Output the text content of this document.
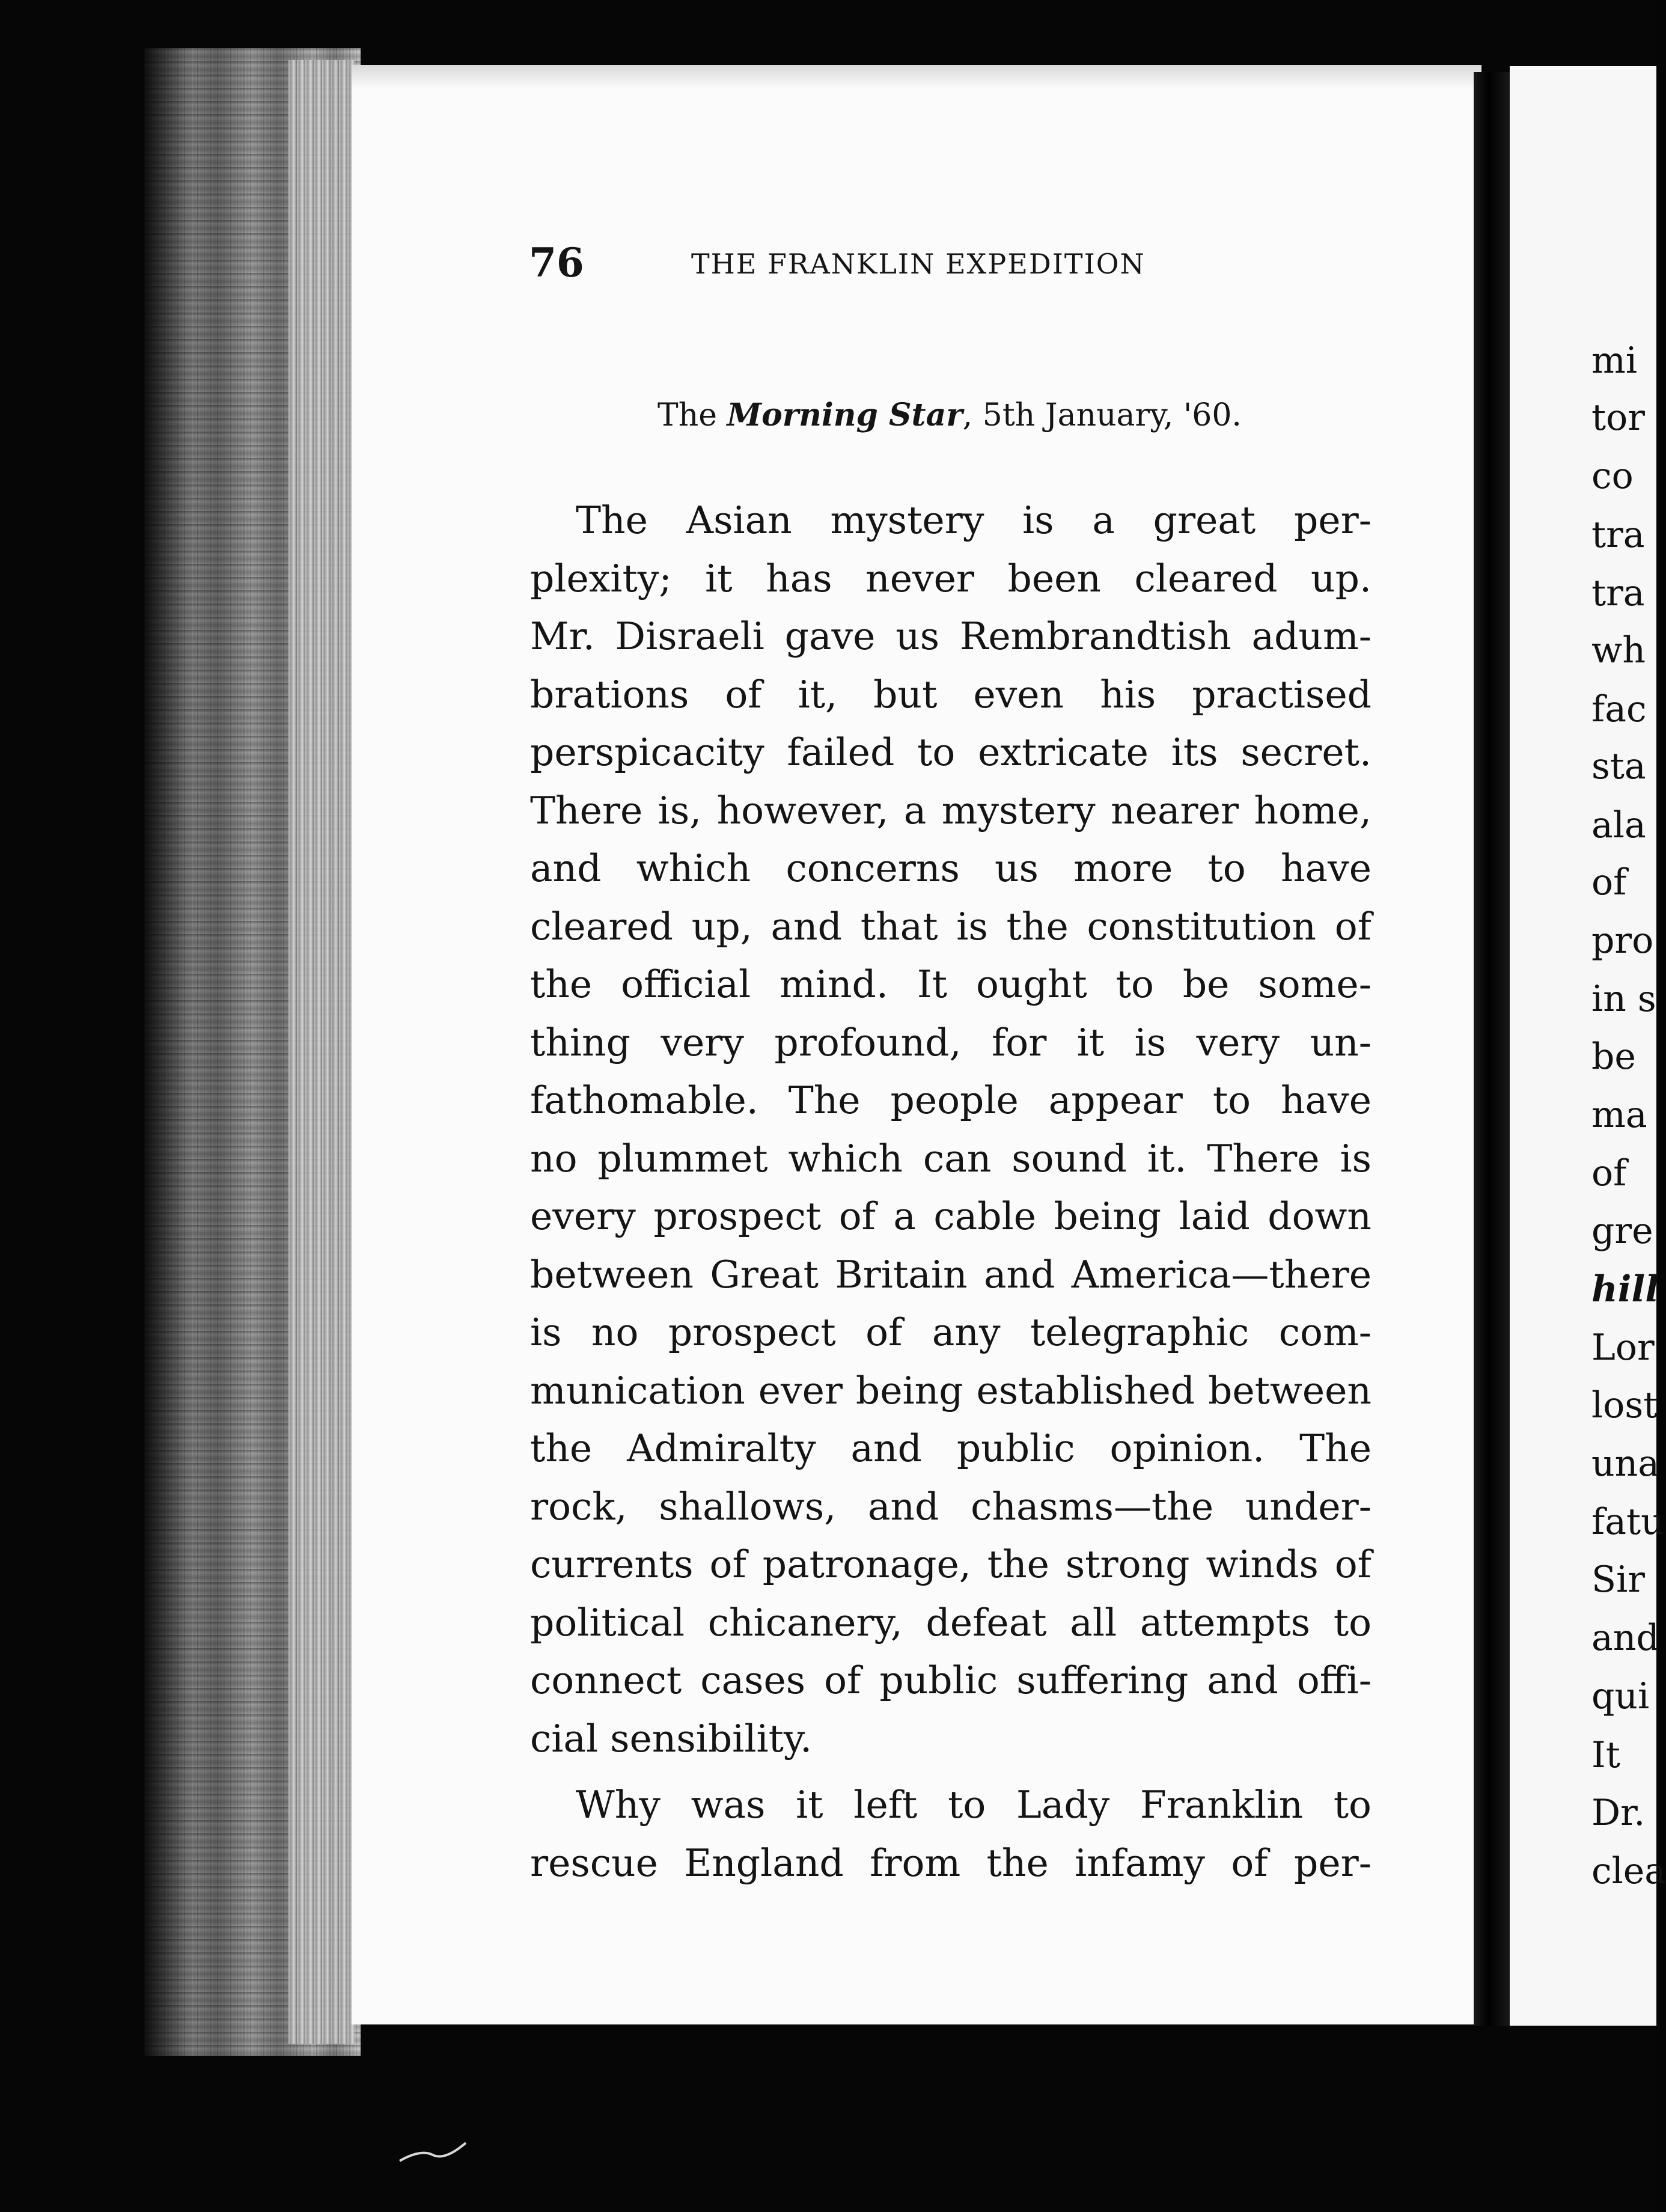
76	THE FRANKLIN EXPEDITION
The Morning Star, 5th January, '60.
The Asian mystery is a great per-
plexity; it has never been cleared up.
Mr. Disraeli gave us Rembrandtish adum-
brations of it, but even his practised
perspicacity failed to extricate its secret.
There is, however, a mystery nearer home,
and which concerns us more to have
cleared up, and that is the constitution of
the official mind. It ought to be some-
thing very profound, for it is very un-
fathomable. The people appear to have
no plummet which can sound it. There is
every prospect of a cable being laid down
between Great Britain and America—there
is no prospect of any telegraphic com-
munication ever being established between
the Admiralty and public opinion. The
rock, shallows, and chasms—the under-
currents of patronage, the strong winds of
political chicanery, defeat all attempts to
connect cases of public suffering and offi-
cial sensibility.
Why was it left to Lady Franklin to
rescue England from the infamy of per-
mi
tor
co
tra
tra
wh
fac
sta
ala
of
pro
in s
be
ma
of
gre
hill
Lor
lost
una
fatu
Sir
and
qui
It
Dr.
clea
